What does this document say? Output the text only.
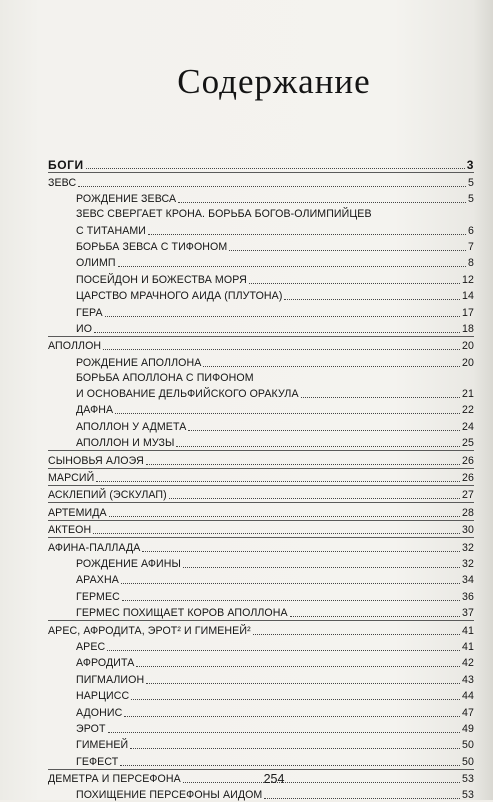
Содержание
БОГИ	3
ЗЕВС	5
РОЖДЕНИЕ ЗЕВСА	5
ЗЕВС СВЕРГАЕТ КРОНА. БОРЬБА БОГОВ-ОЛИМПИЙЦЕВ
С ТИТАНАМИ	6
БОРЬБА ЗЕВСА С ТИФОНОМ	7
ОЛИМП	8
ПОСЕЙДОН И БОЖЕСТВА МОРЯ	12
ЦАРСТВО МРАЧНОГО АИДА (ПЛУТОНА)	14
ГЕРА	17
ИО	18
АПОЛЛОН	20
РОЖДЕНИЕ АПОЛЛОНА	20
БОРЬБА АПОЛЛОНА С ПИФОНОМ
И ОСНОВАНИЕ ДЕЛЬФИЙСКОГО ОРАКУЛА	21
ДАФНА	22
АПОЛЛОН У АДМЕТА	24
АПОЛЛОН И МУЗЫ	25
СЫНОВЬЯ АЛОЭЯ	26
МАРСИЙ	26
АСКЛЕПИЙ (ЭСКУЛАП)	27
АРТЕМИДА	28
АКТЕОН	30
АФИНА-ПАЛЛАДА	32
РОЖДЕНИЕ АФИНЫ	32
АРАХНА	34
ГЕРМЕС	36
ГЕРМЕС ПОХИЩАЕТ КОРОВ АПОЛЛОНА	37
АРЕС, АФРОДИТА, ЭРОТ² И ГИМЕНЕЙ²	41
АРЕС	41
АФРОДИТА	42
ПИГМАЛИОН	43
НАРЦИСС	44
АДОНИС	47
ЭРОТ	49
ГИМЕНЕЙ	50
ГЕФЕСТ	50
ДЕМЕТРА И ПЕРСЕФОНА	53
ПОХИЩЕНИЕ ПЕРСЕФОНЫ АИДОМ	53
254
